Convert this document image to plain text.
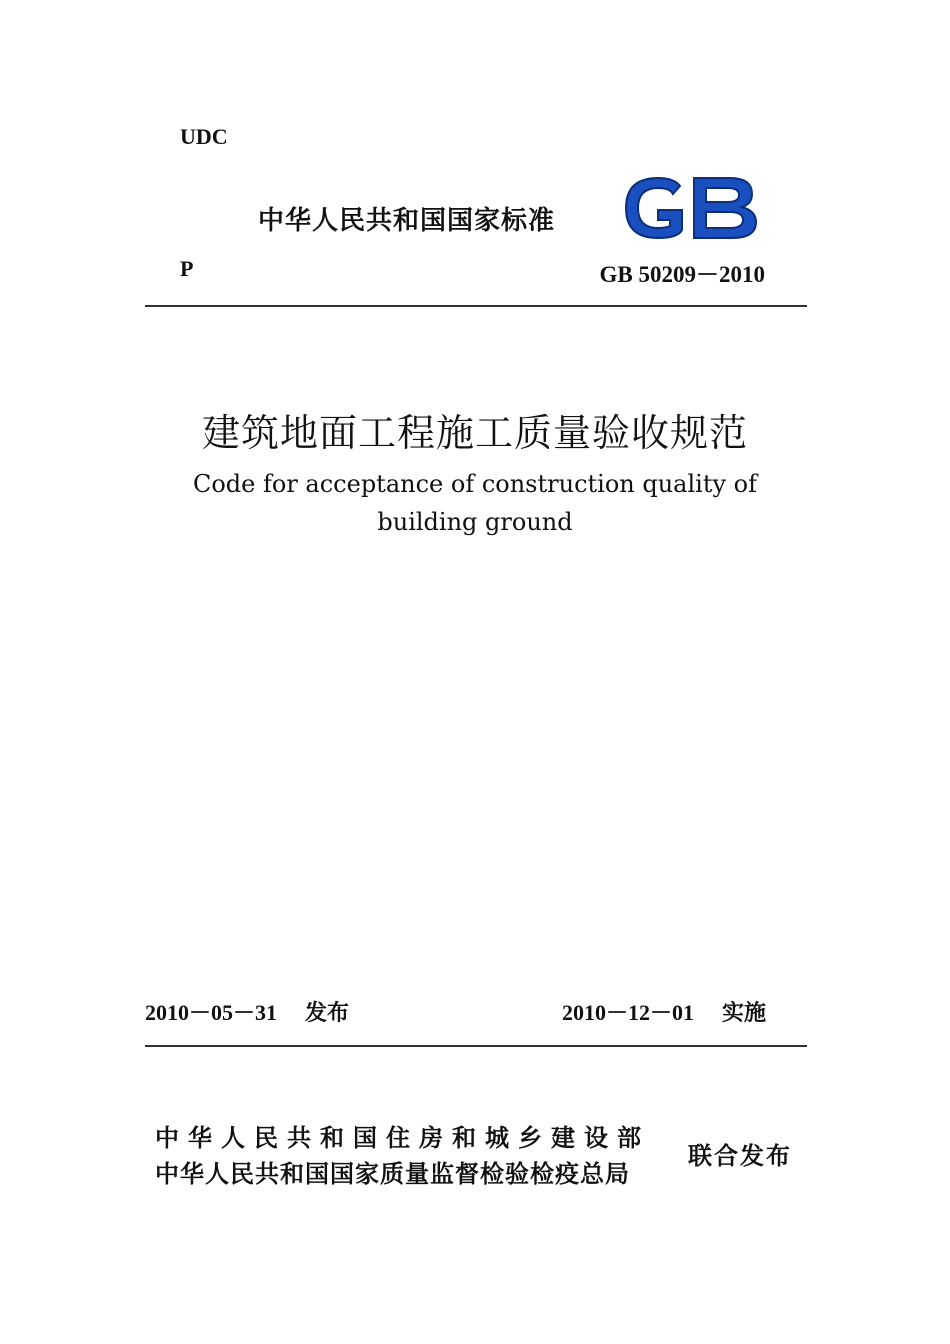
UDC
中华人民共和国国家标准
P	GB 50209－2010
建筑地面工程施工质量验收规范
Code for acceptance of construction quality of
building ground
2010－05－31 发布	2010－12－01 实施
中华人民共和国住房和城乡建设部
中华人民共和国国家质量监督检验检疫总局
联合发布
